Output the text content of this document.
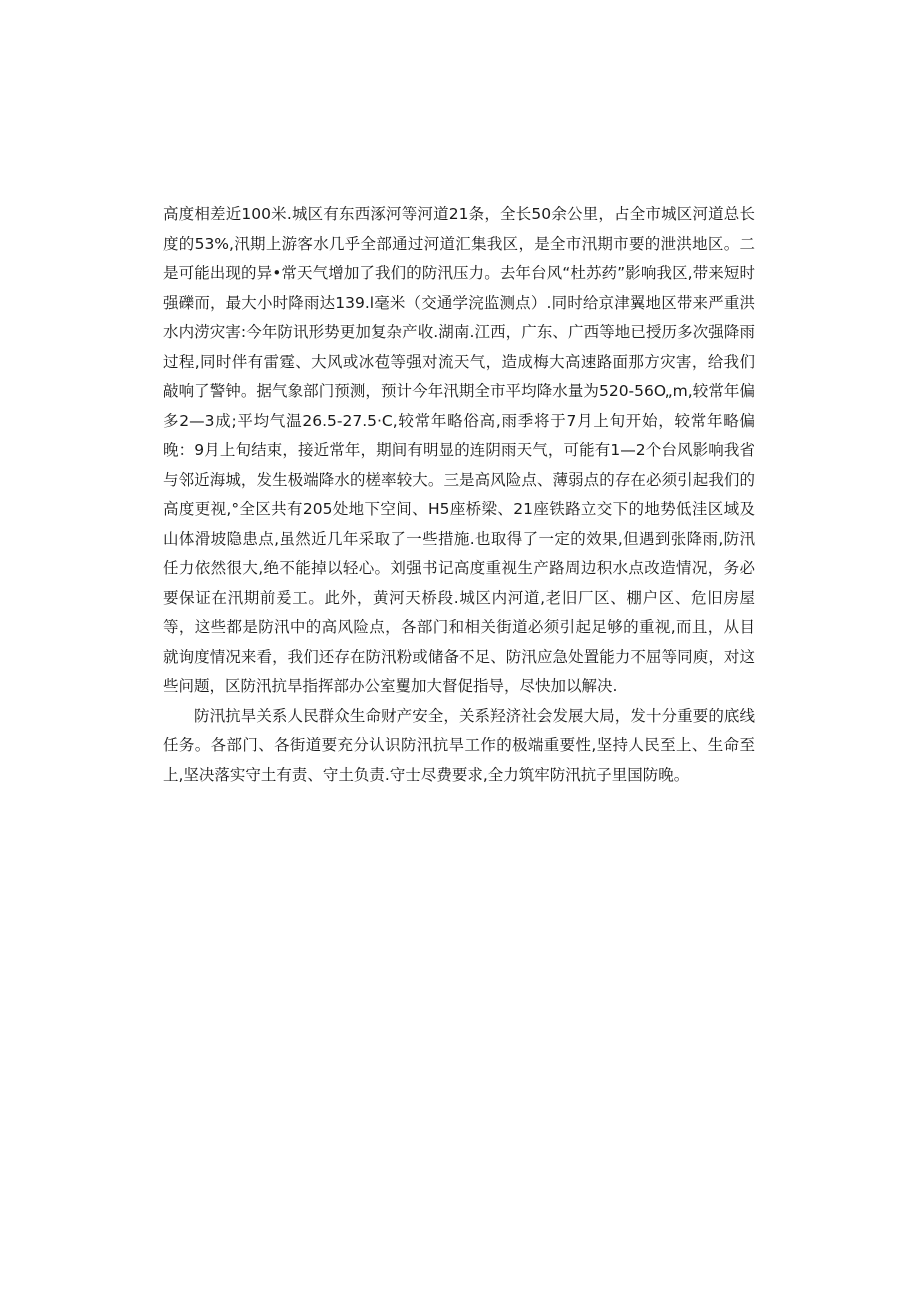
高度相差近100米.城区有东西涿河等河道21条，全长50余公里，占全市城区河道总长度的53%,汛期上游客水几乎全部通过河道汇集我区，是全市汛期市要的泄洪地区。二是可能出现的异•常天气增加了我们的防汛压力。去年台风“杜苏药”影响我区,带来短时强礫而，最大小时降雨达139.l毫米（交通学浣监测点）.同时给京津翼地区带来严重洪水内涝灾害:今年防讯形势更加复杂产收.湖南.江西，广东、广西等地已授历多次强降雨过程,同时伴有雷霆、大风或冰苞等强对流天气，造成梅大高速路面那方灾害，给我们敲响了警钟。据气象部门预测，预计今年汛期全市平均降水量为520-56O„m,较常年偏多2—3成;平均气温26.5-27.5·C,较常年略俗高,雨季将于7月上旬开始，较常年略偏晚：9月上旬结束，接近常年，期间有明显的连阴雨天气，可能有1—2个台风影响我省与邻近海城，发生极端降水的槎率较大。三是高风险点、薄弱点的存在必须引起我们的高度更视,°全区共有205处地下空间、H5座桥梁、21座铁路立交下的地势低洼区域及山体滑坡隐患点,虽然近几年采取了一些措施.也取得了一定的效果,但遇到张降雨,防汛任力依然很大,绝不能掉以轻心。刘强书记高度重视生产路周边积水点改造情况，务必要保证在汛期前爰工。此外，黄河天桥段.城区内河道,老旧厂区、棚户区、危旧房屋等，这些都是防汛中的高风险点，各部门和相关街道必须引起足够的重视,而且，从目就询度情况来看，我们还存在防汛粉或储备不足、防汛应急处置能力不屈等同庾，对这些问题，区防汛抗旱指挥部办公室矍加大督促指导，尽快加以解决.

防汛抗旱关系人民群众生命财产安全，关系羟济社会发展大局，发十分重要的底线任务。各部门、各街道要充分认识防汛抗旱工作的极端重要性,坚持人民至上、生命至上,坚决落实守土有责、守土负责.守士尽费要求,全力筑牢防汛抗子里国防晚。
